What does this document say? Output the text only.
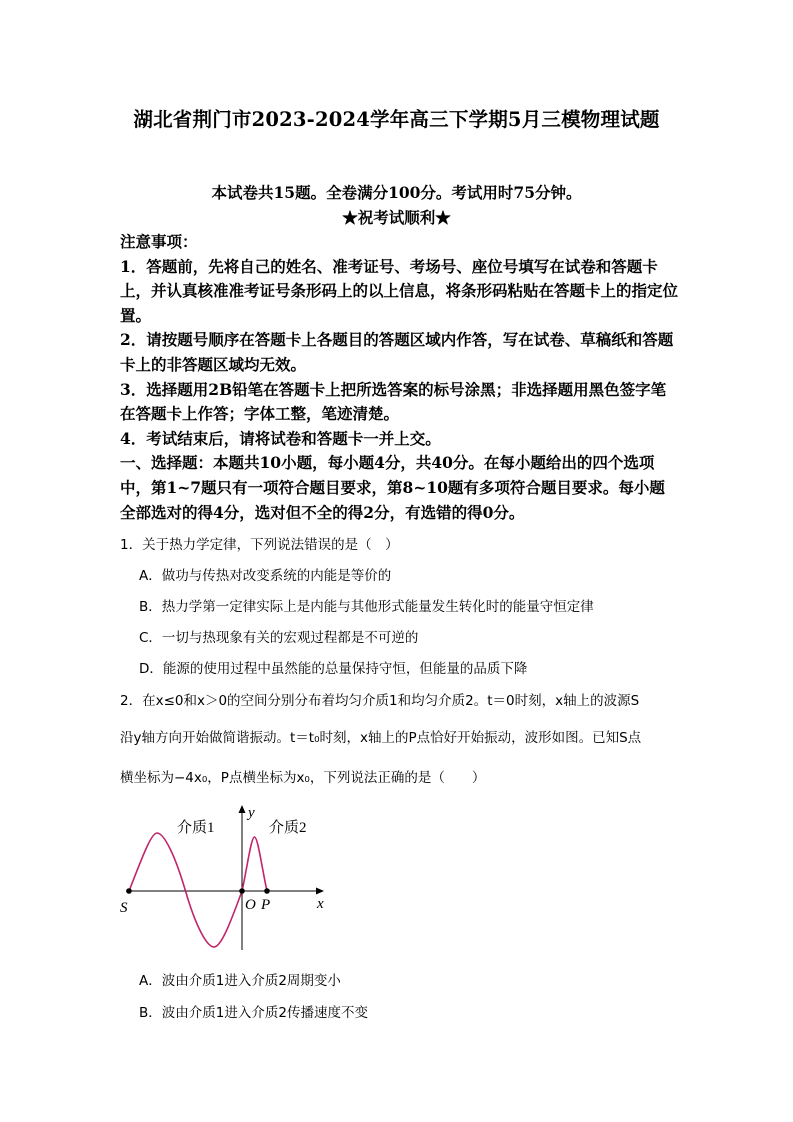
湖北省荆门市2023-2024学年高三下学期5月三模物理试题
本试卷共15题。全卷满分100分。考试用时75分钟。
★祝考试顺利★

注意事项：

1．答题前，先将自己的姓名、准考证号、考场号、座位号填写在试卷和答题卡上，并认真核准准考证号条形码上的以上信息，将条形码粘贴在答题卡上的指定位置。

2．请按题号顺序在答题卡上各题目的答题区域内作答，写在试卷、草稿纸和答题卡上的非答题区域均无效。

3．选择题用2B铅笔在答题卡上把所选答案的标号涂黑；非选择题用黑色签字笔在答题卡上作答；字体工整，笔迹清楚。

4．考试结束后，请将试卷和答题卡一并上交。

一、选择题：本题共10小题，每小题4分，共40分。在每小题给出的四个选项中，第1~7题只有一项符合题目要求，第8~10题有多项符合题目要求。每小题全部选对的得4分，选对但不全的得2分，有选错的得0分。

1．关于热力学定律，下列说法错误的是（　）
A．做功与传热对改变系统的内能是等价的
B．热力学第一定律实际上是内能与其他形式能量发生转化时的能量守恒定律
C．一切与热现象有关的宏观过程都是不可逆的
D．能源的使用过程中虽然能的总量保持守恒，但能量的品质下降
2．在x≤0和x＞0的空间分别分布着均匀介质1和均匀介质2。t＝0时刻，x轴上的波源S
沿y轴方向开始做简谐振动。t＝t₀时刻，x轴上的P点恰好开始振动，波形如图。已知S点
横坐标为−4x₀，P点横坐标为x₀，下列说法正确的是（　　）
介质1	介质2
y
x
O
S	P
A．波由介质1进入介质2周期变小
B．波由介质1进入介质2传播速度不变
